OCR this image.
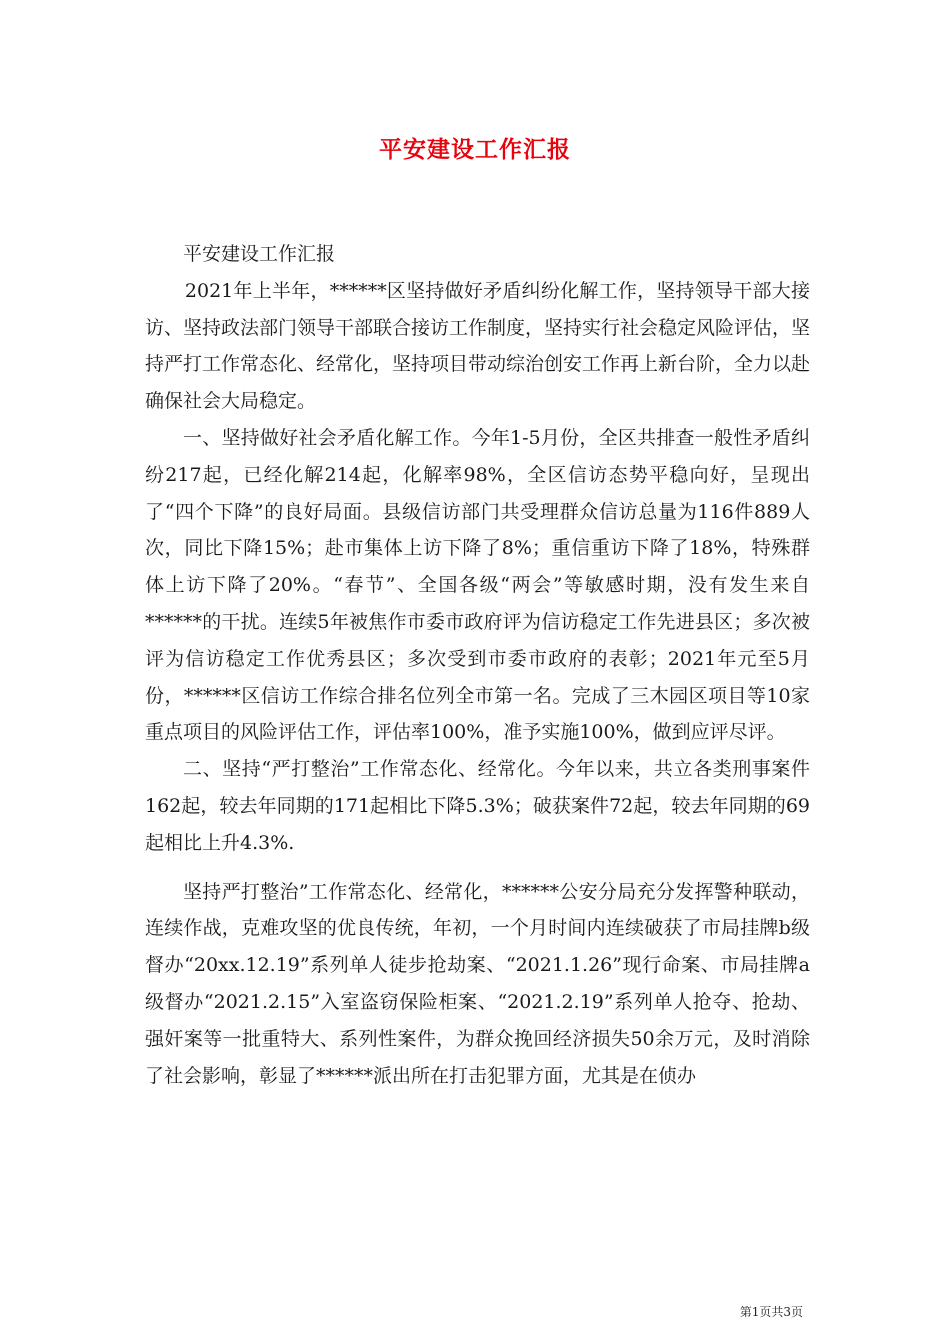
平安建设工作汇报

平安建设工作汇报

2021年上半年，******区坚持做好矛盾纠纷化解工作，坚持领导干部大接访、坚持政法部门领导干部联合接访工作制度，坚持实行社会稳定风险评估，坚持严打工作常态化、经常化，坚持项目带动综治创安工作再上新台阶，全力以赴确保社会大局稳定。

一、坚持做好社会矛盾化解工作。今年1-5月份，全区共排查一般性矛盾纠纷217起，已经化解214起，化解率98%，全区信访态势平稳向好，呈现出了“四个下降”的良好局面。县级信访部门共受理群众信访总量为116件889人次，同比下降15%；赴市集体上访下降了8%；重信重访下降了18%，特殊群体上访下降了20%。“春节”、全国各级“两会”等敏感时期，没有发生来自******的干扰。连续5年被焦作市委市政府评为信访稳定工作先进县区；多次被评为信访稳定工作优秀县区；多次受到市委市政府的表彰；2021年元至5月份，******区信访工作综合排名位列全市第一名。完成了三木园区项目等10家重点项目的风险评估工作，评估率100%，准予实施100%，做到应评尽评。

二、坚持“严打整治”工作常态化、经常化。今年以来，共立各类刑事案件162起，较去年同期的171起相比下降5.3%；破获案件72起，较去年同期的69起相比上升4.3%.

坚持严打整治”工作常态化、经常化，******公安分局充分发挥警种联动，连续作战，克难攻坚的优良传统，年初，一个月时间内连续破获了市局挂牌b级督办“20xx.12.19”系列单人徒步抢劫案、“2021.1.26”现行命案、市局挂牌a级督办“2021.2.15”入室盗窃保险柜案、“2021.2.19”系列单人抢夺、抢劫、强奸案等一批重特大、系列性案件，为群众挽回经济损失50余万元，及时消除了社会影响，彰显了******派出所在打击犯罪方面，尤其是在侦办

第1页共3页
